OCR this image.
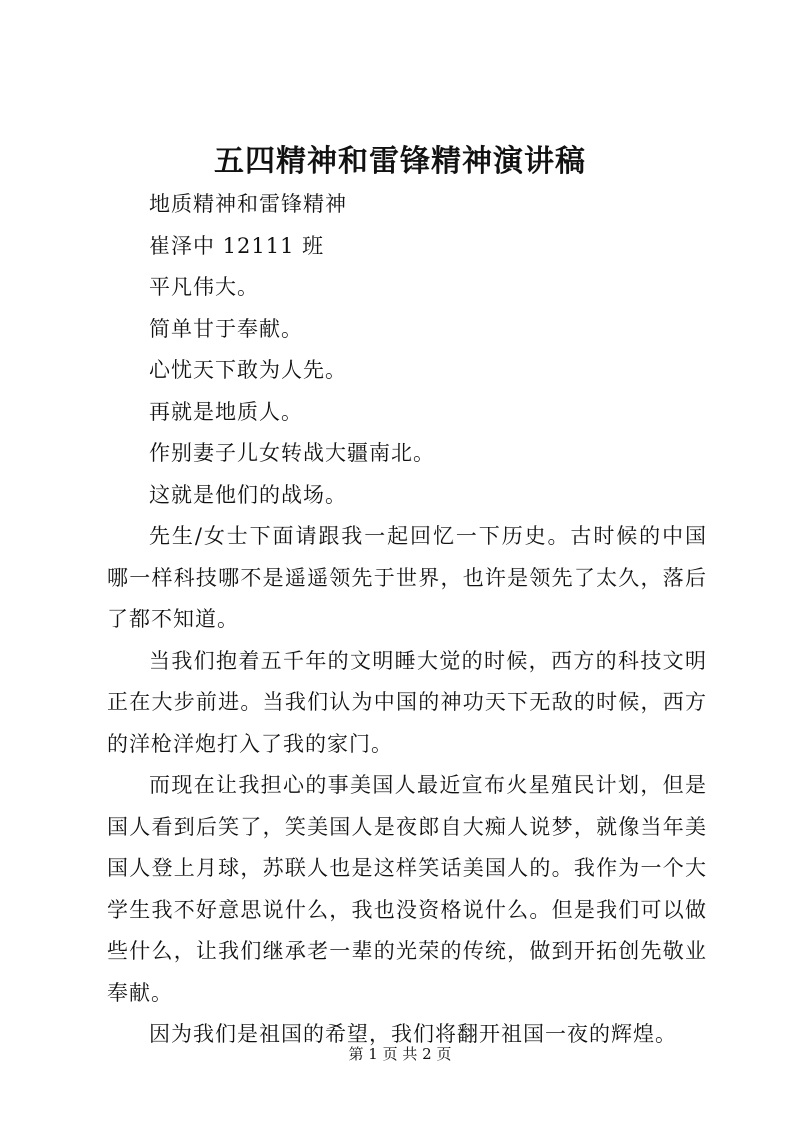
五四精神和雷锋精神演讲稿

地质精神和雷锋精神

崔泽中 12111 班

平凡伟大。

简单甘于奉献。

心忧天下敢为人先。

再就是地质人。

作别妻子儿女转战大疆南北。

这就是他们的战场。

先生/女士下面请跟我一起回忆一下历史。古时候的中国哪一样科技哪不是遥遥领先于世界，也许是领先了太久，落后了都不知道。

当我们抱着五千年的文明睡大觉的时候，西方的科技文明正在大步前进。当我们认为中国的神功天下无敌的时候，西方的洋枪洋炮打入了我的家门。

而现在让我担心的事美国人最近宣布火星殖民计划，但是国人看到后笑了，笑美国人是夜郎自大痴人说梦，就像当年美国人登上月球，苏联人也是这样笑话美国人的。我作为一个大学生我不好意思说什么，我也没资格说什么。但是我们可以做些什么，让我们继承老一辈的光荣的传统，做到开拓创先敬业奉献。

因为我们是祖国的希望，我们将翻开祖国一夜的辉煌。

第 1 页 共 2 页
